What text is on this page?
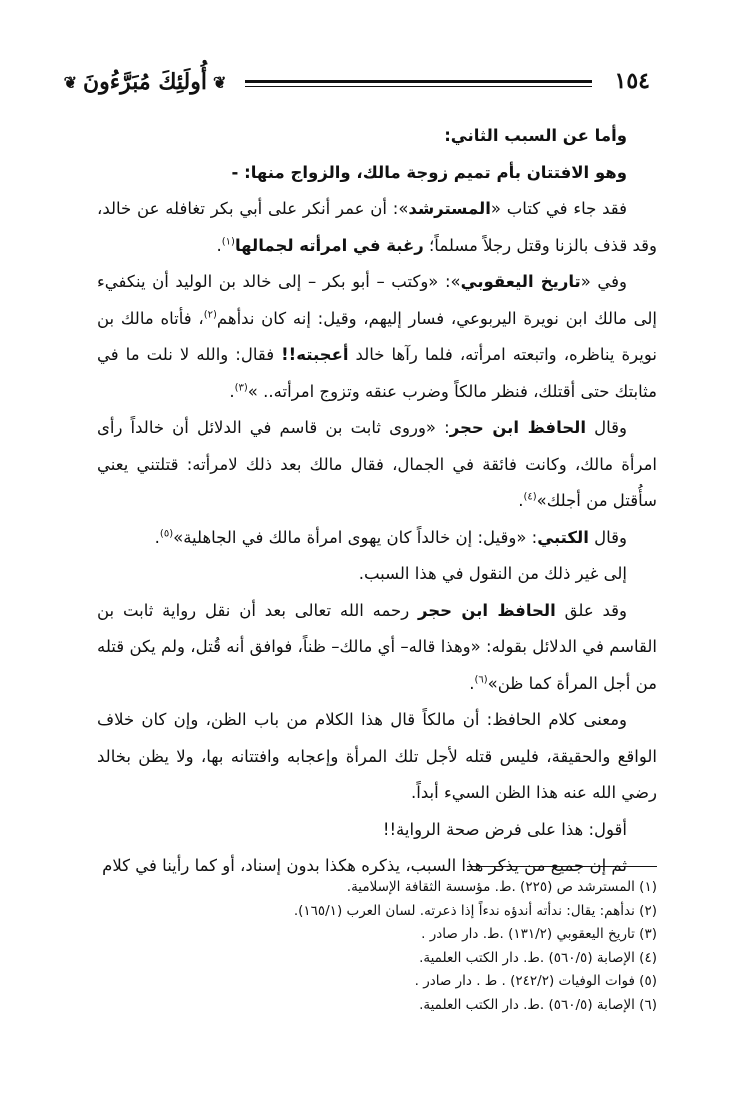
١٥٤
❦
أُولَئِكَ مُبَرَّءُونَ
❦

وأما عن السبب الثاني:

وهو الافتتان بأم تميم زوجة مالك، والزواج منها: -

فقد جاء في كتاب «المسترشد»: أن عمر أنكر على أبي بكر تغافله عن خالد، وقد قذف بالزنا وقتل رجلاً مسلماً؛ رغبة في امرأته لجمالها$^{(١)}$.

وفي «تاريخ اليعقوبي»: «وكتب – أبو بكر – إلى خالد بن الوليد أن ينكفيء إلى مالك ابن نويرة اليربوعي، فسار إليهم، وقيل: إنه كان ندأهم$^{(٢)}$، فأتاه مالك بن نويرة يناظره، واتبعته امرأته، فلما رآها خالد أعجبته!! فقال: والله لا نلت ما في مثابتك حتى أقتلك، فنظر مالكاً وضرب عنقه وتزوج امرأته.. »$^{(٣)}$.

وقال الحافظ ابن حجر: «وروى ثابت بن قاسم في الدلائل أن خالداً رأى امرأة مالك، وكانت فائقة في الجمال، فقال مالك بعد ذلك لامرأته: قتلتني يعني سأُقتل من أجلك»$^{(٤)}$.

وقال الكتبي: «وقيل: إن خالداً كان يهوى امرأة مالك في الجاهلية»$^{(٥)}$.

إلى غير ذلك من النقول في هذا السبب.

وقد علق الحافظ ابن حجر رحمه الله تعالى بعد أن نقل رواية ثابت بن القاسم في الدلائل بقوله: «وهذا قاله– أي مالك– ظناً، فوافق أنه قُتل، ولم يكن قتله من أجل المرأة كما ظن»$^{(٦)}$.

ومعنى كلام الحافظ: أن مالكاً قال هذا الكلام من باب الظن، وإن كان خلاف الواقع والحقيقة، فليس قتله لأجل تلك المرأة وإعجابه وافتتانه بها، ولا يظن بخالد رضي الله عنه هذا الظن السيء أبداً.

أقول: هذا على فرض صحة الرواية!!

ثم إن جميع من يذكر هذا السبب، يذكره هكذا بدون إسناد، أو كما رأينا في كلام

(١) المسترشد ص (٢٢٥) .ط. مؤسسة الثقافة الإسلامية.

(٢) ندأهم: يقال: ندأته أندؤه ندءاً إذا ذعرته. لسان العرب (١٦٥/١).

(٣) تاريخ اليعقوبي (١٣١/٢) .ط. دار صادر .

(٤) الإصابة (٥٦٠/٥) .ط. دار الكتب العلمية.

(٥) فوات الوفيات (٢٤٢/٢) . ط . دار صادر .

(٦) الإصابة (٥٦٠/٥) .ط. دار الكتب العلمية.
